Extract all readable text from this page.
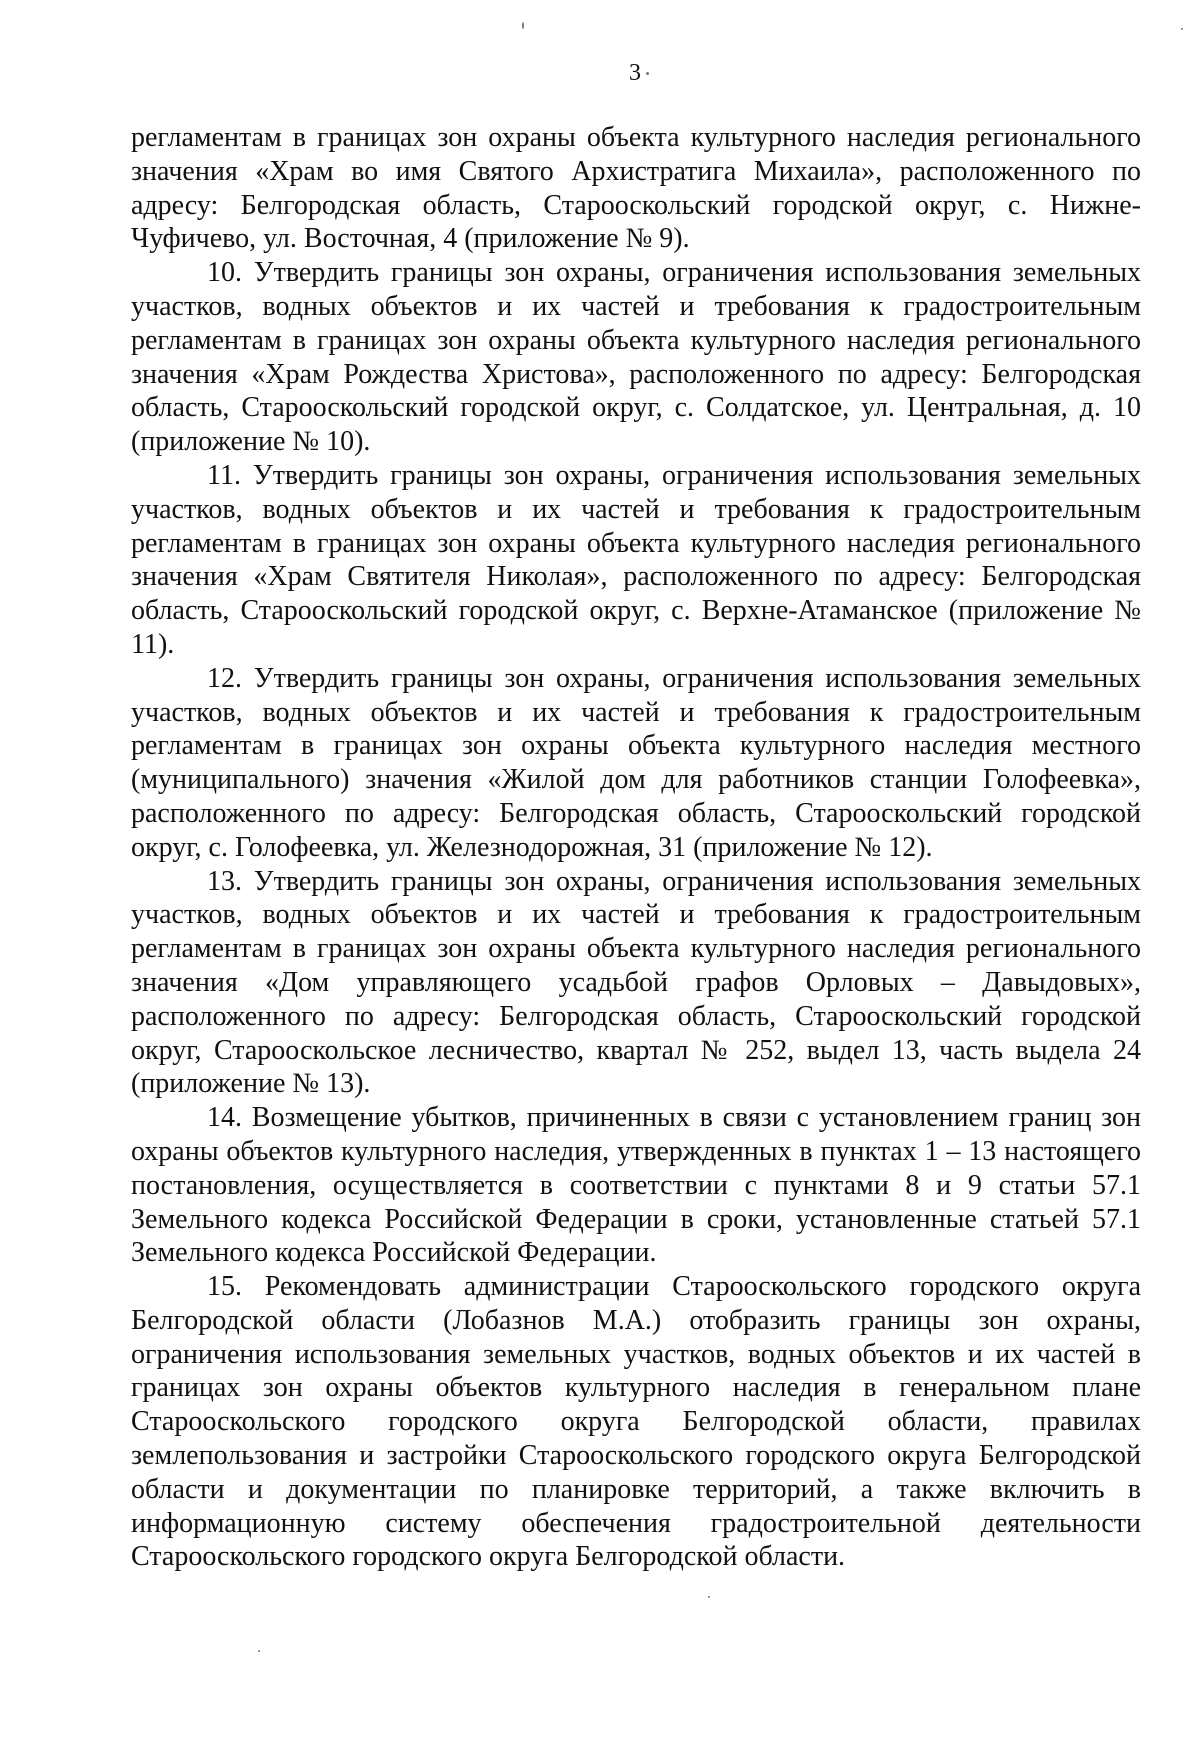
3

регламентам в границах зон охраны объекта культурного наследия регионального значения «Храм во имя Святого Архистратига Михаила», расположенного по адресу: Белгородская область, Старооскольский городской округ, с. Нижне-Чуфичево, ул. Восточная, 4 (приложение № 9).

10. Утвердить границы зон охраны, ограничения использования земельных участков, водных объектов и их частей и требования к градостроительным регламентам в границах зон охраны объекта культурного наследия регионального значения «Храм Рождества Христова», расположенного по адресу: Белгородская область, Старооскольский городской округ, с. Солдатское, ул. Центральная, д. 10 (приложение № 10).

11. Утвердить границы зон охраны, ограничения использования земельных участков, водных объектов и их частей и требования к градостроительным регламентам в границах зон охраны объекта культурного наследия регионального значения «Храм Святителя Николая», расположенного по адресу: Белгородская область, Старооскольский городской округ, с. Верхне-Атаманское (приложение № 11).

12. Утвердить границы зон охраны, ограничения использования земельных участков, водных объектов и их частей и требования к градостроительным регламентам в границах зон охраны объекта культурного наследия местного (муниципального) значения «Жилой дом для работников станции Голофеевка», расположенного по адресу: Белгородская область, Старооскольский городской округ, с. Голофеевка, ул. Железнодорожная, 31 (приложение № 12).

13. Утвердить границы зон охраны, ограничения использования земельных участков, водных объектов и их частей и требования к градостроительным регламентам в границах зон охраны объекта культурного наследия регионального значения «Дом управляющего усадьбой графов Орловых – Давыдовых», расположенного по адресу: Белгородская область, Старооскольский городской округ, Старооскольское лесничество, квартал № 252, выдел 13, часть выдела 24 (приложение № 13).

14. Возмещение убытков, причиненных в связи с установлением границ зон охраны объектов культурного наследия, утвержденных в пунктах 1 – 13 настоящего постановления, осуществляется в соответствии с пунктами 8 и 9 статьи 57.1 Земельного кодекса Российской Федерации в сроки, установленные статьей 57.1 Земельного кодекса Российской Федерации.

15. Рекомендовать администрации Старооскольского городского округа Белгородской области (Лобазнов М.А.) отобразить границы зон охраны, ограничения использования земельных участков, водных объектов и их частей в границах зон охраны объектов культурного наследия в генеральном плане Старооскольского городского округа Белгородской области, правилах землепользования и застройки Старооскольского городского округа Белгородской области и документации по планировке территорий, а также включить в информационную систему обеспечения градостроительной деятельности Старооскольского городского округа Белгородской области.
